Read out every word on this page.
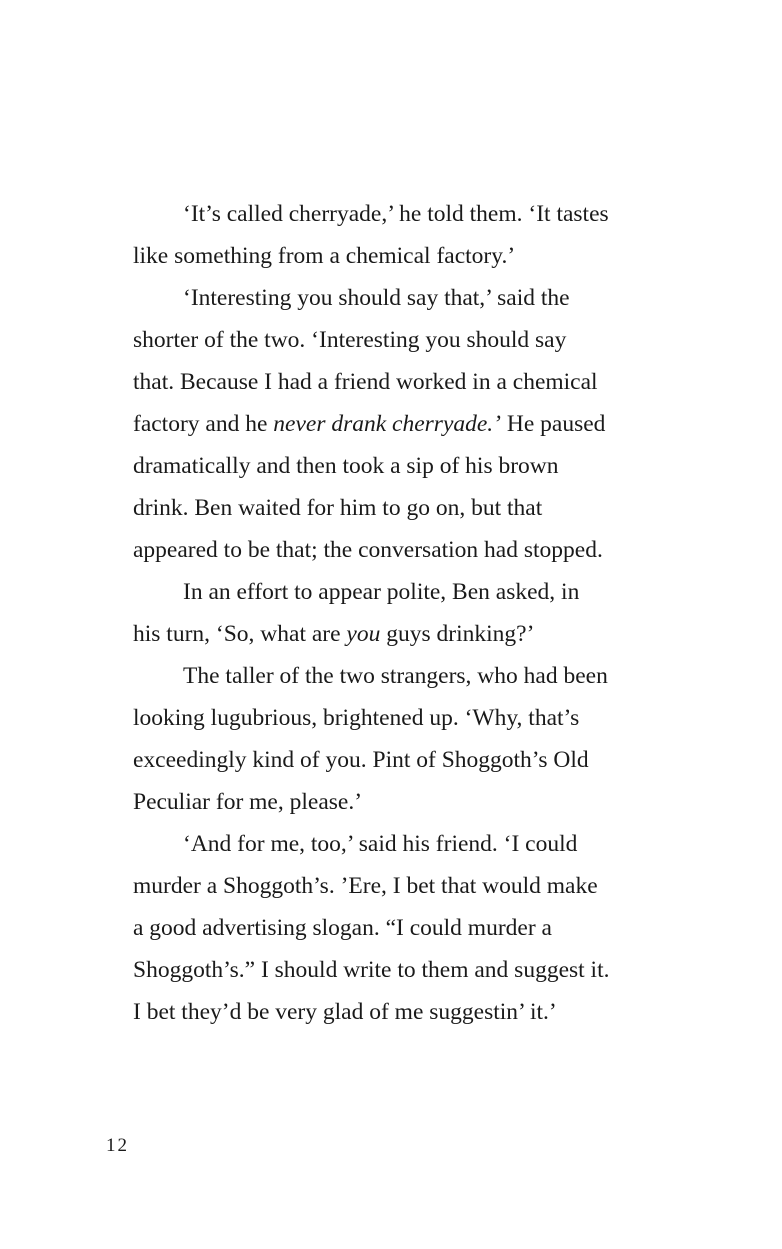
‘It’s called cherryade,’ he told them. ‘It tastes
like something from a chemical factory.’
‘Interesting you should say that,’ said the
shorter of the two. ‘Interesting you should say
that. Because I had a friend worked in a chemical
factory and he never drank cherryade.’ He paused
dramatically and then took a sip of his brown
drink. Ben waited for him to go on, but that
appeared to be that; the conversation had stopped.
In an effort to appear polite, Ben asked, in
his turn, ‘So, what are you guys drinking?’
The taller of the two strangers, who had been
looking lugubrious, brightened up. ‘Why, that’s
exceedingly kind of you. Pint of Shoggoth’s Old
Peculiar for me, please.’
‘And for me, too,’ said his friend. ‘I could
murder a Shoggoth’s. ’Ere, I bet that would make
a good advertising slogan. “I could murder a
Shoggoth’s.” I should write to them and suggest it.
I bet they’d be very glad of me suggestin’ it.’
12
